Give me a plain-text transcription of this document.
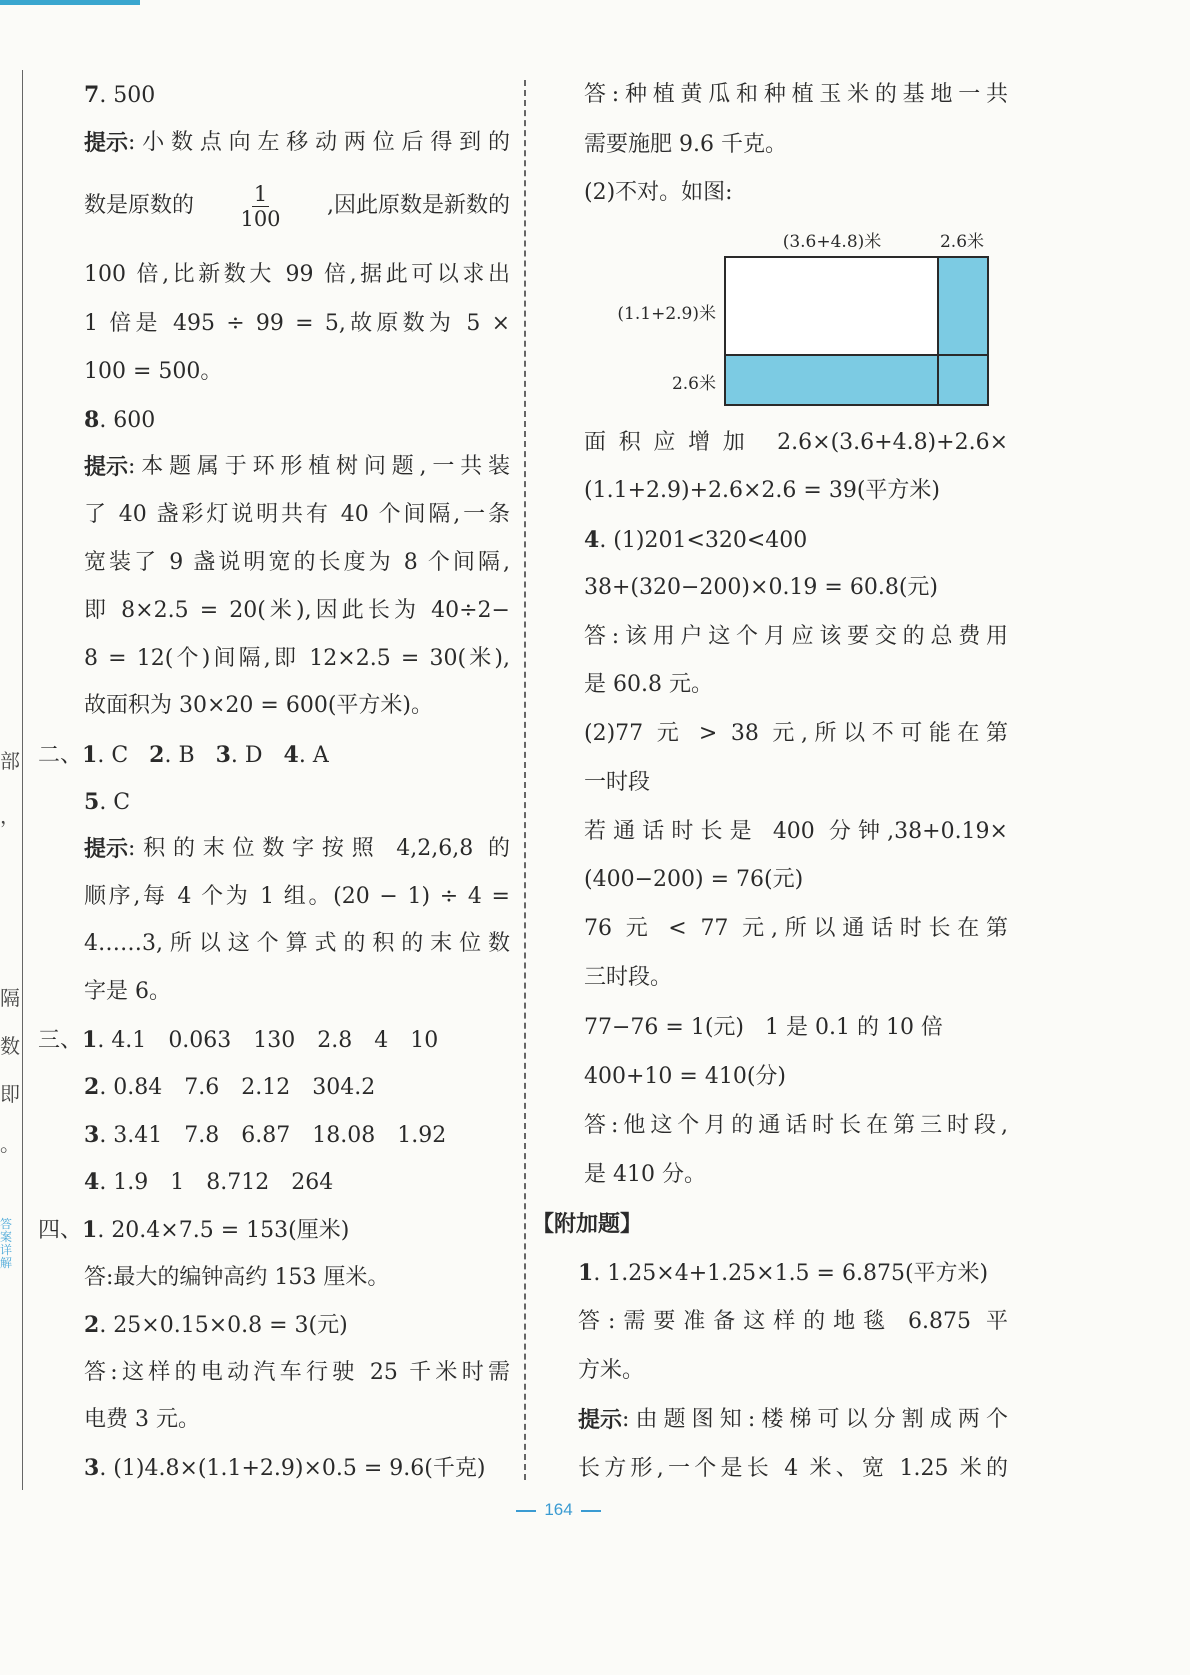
部
，
隔
数
即
。
答案详解
7. 500
提示 :小数点向左移动两位后得到的
数是原数的 $\frac{1}{100}$ ,因此原数是新数的
100 倍,比新数大 99 倍,据此可以求出
1 倍是 495 ÷ 99 = 5,故原数为 5 ×
100 = 500。
8. 600
提示 :本题属于环形植树问题,一共装
了 40 盏彩灯说明共有 40 个间隔,一条
宽装了 9 盏说明宽的长度为 8 个间隔,
即 8×2.5 = 20(米),因此长为 40÷2−
8 = 12(个)间隔,即 12×2.5 = 30(米),
故面积为 30×20 = 600(平方米)。
二、1. C 2. B 3. D 4. A
5. C
提示 :积的末位数字按照 4,2,6,8 的
顺序,每 4 个为 1 组。(20 − 1) ÷ 4 =
4……3,所以这个算式的积的末位数
字是 6。
三、1. 4.1 0.063 130 2.8 4 10
2. 0.84 7.6 2.12 304.2
3. 3.41 7.8 6.87 18.08 1.92
4. 1.9 1 8.712 264
四、1. 20.4×7.5 = 153(厘米)
答:最大的编钟高约 153 厘米。
2. 25×0.15×0.8 = 3(元)
答:这样的电动汽车行驶 25 千米时需
电费 3 元。
3. (1)4.8×(1.1+2.9)×0.5 = 9.6(千克)
答:种植黄瓜和种植玉米的基地一共
需要施肥 9.6 千克。
(2)不对。如图:
(3.6+4.8)米	2.6米
(1.1+2.9)米
2.6米
面积应增加 2.6×(3.6+4.8)+2.6×
(1.1+2.9)+2.6×2.6 = 39(平方米)
4. (1)201<320<400
38+(320−200)×0.19 = 60.8(元)
答:该用户这个月应该要交的总费用
是 60.8 元。
(2)77 元 > 38 元,所以不可能在第
一时段
若通话时长是 400 分钟,38+0.19×
(400−200) = 76(元)
76 元 < 77 元,所以通话时长在第
三时段。
77−76 = 1(元)   1 是 0.1 的 10 倍
400+10 = 410(分)
答:他这个月的通话时长在第三时段,
是 410 分。
【附加题】
1. 1.25×4+1.25×1.5 = 6.875(平方米)
答:需要准备这样的地毯 6.875 平
方米。
提示 :由题图知:楼梯可以分割成两个
长方形,一个是长 4 米、宽 1.25 米的
164
